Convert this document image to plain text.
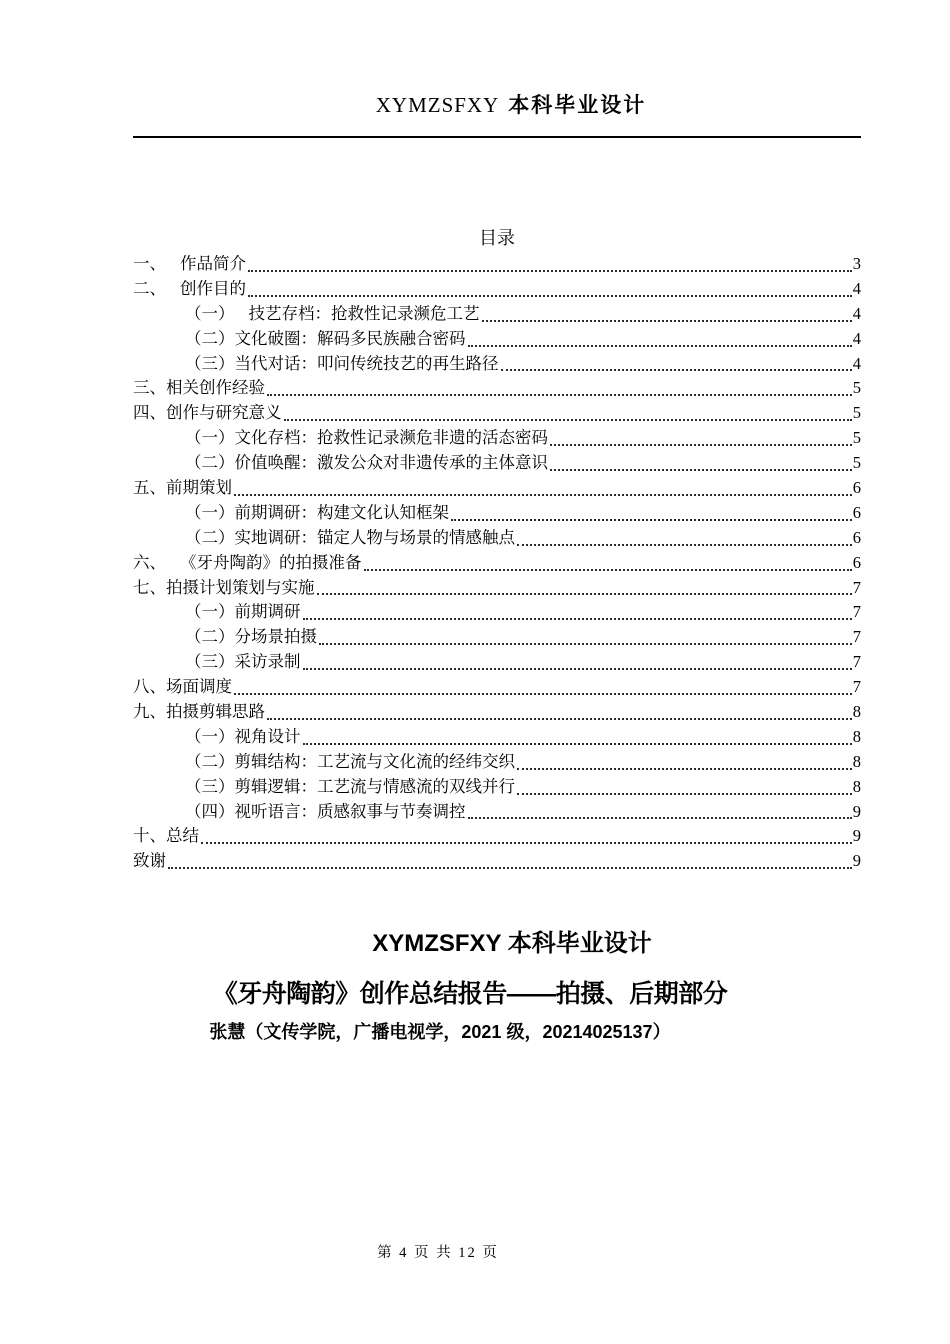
XYMZSFXY 本科毕业设计
目录
一、 作品简介	3
二、 创作目的	4
（一） 技艺存档：抢救性记录濒危工艺	4
（二） 文化破圈：解码多民族融合密码	4
（三） 当代对话：叩问传统技艺的再生路径	4
三、 相关创作经验	5
四、 创作与研究意义	5
（一） 文化存档：抢救性记录濒危非遗的活态密码	5
（二） 价值唤醒：激发公众对非遗传承的主体意识	5
五、 前期策划	6
（一） 前期调研：构建文化认知框架	6
（二） 实地调研：锚定人物与场景的情感触点	6
六、 《牙舟陶韵》的拍摄准备	6
七、 拍摄计划策划与实施	7
（一） 前期调研	7
（二） 分场景拍摄	7
（三） 采访录制	7
八、 场面调度	7
九、 拍摄剪辑思路	8
（一） 视角设计	8
（二） 剪辑结构：工艺流与文化流的经纬交织	8
（三） 剪辑逻辑：工艺流与情感流的双线并行	8
（四） 视听语言：质感叙事与节奏调控	9
十、 总结	9
致谢	9
XYMZSFXY 本科毕业设计
《牙舟陶韵》创作总结报告——拍摄、后期部分
张慧（文传学院，广播电视学，2021 级，20214025137）
第 4 页 共 12 页
